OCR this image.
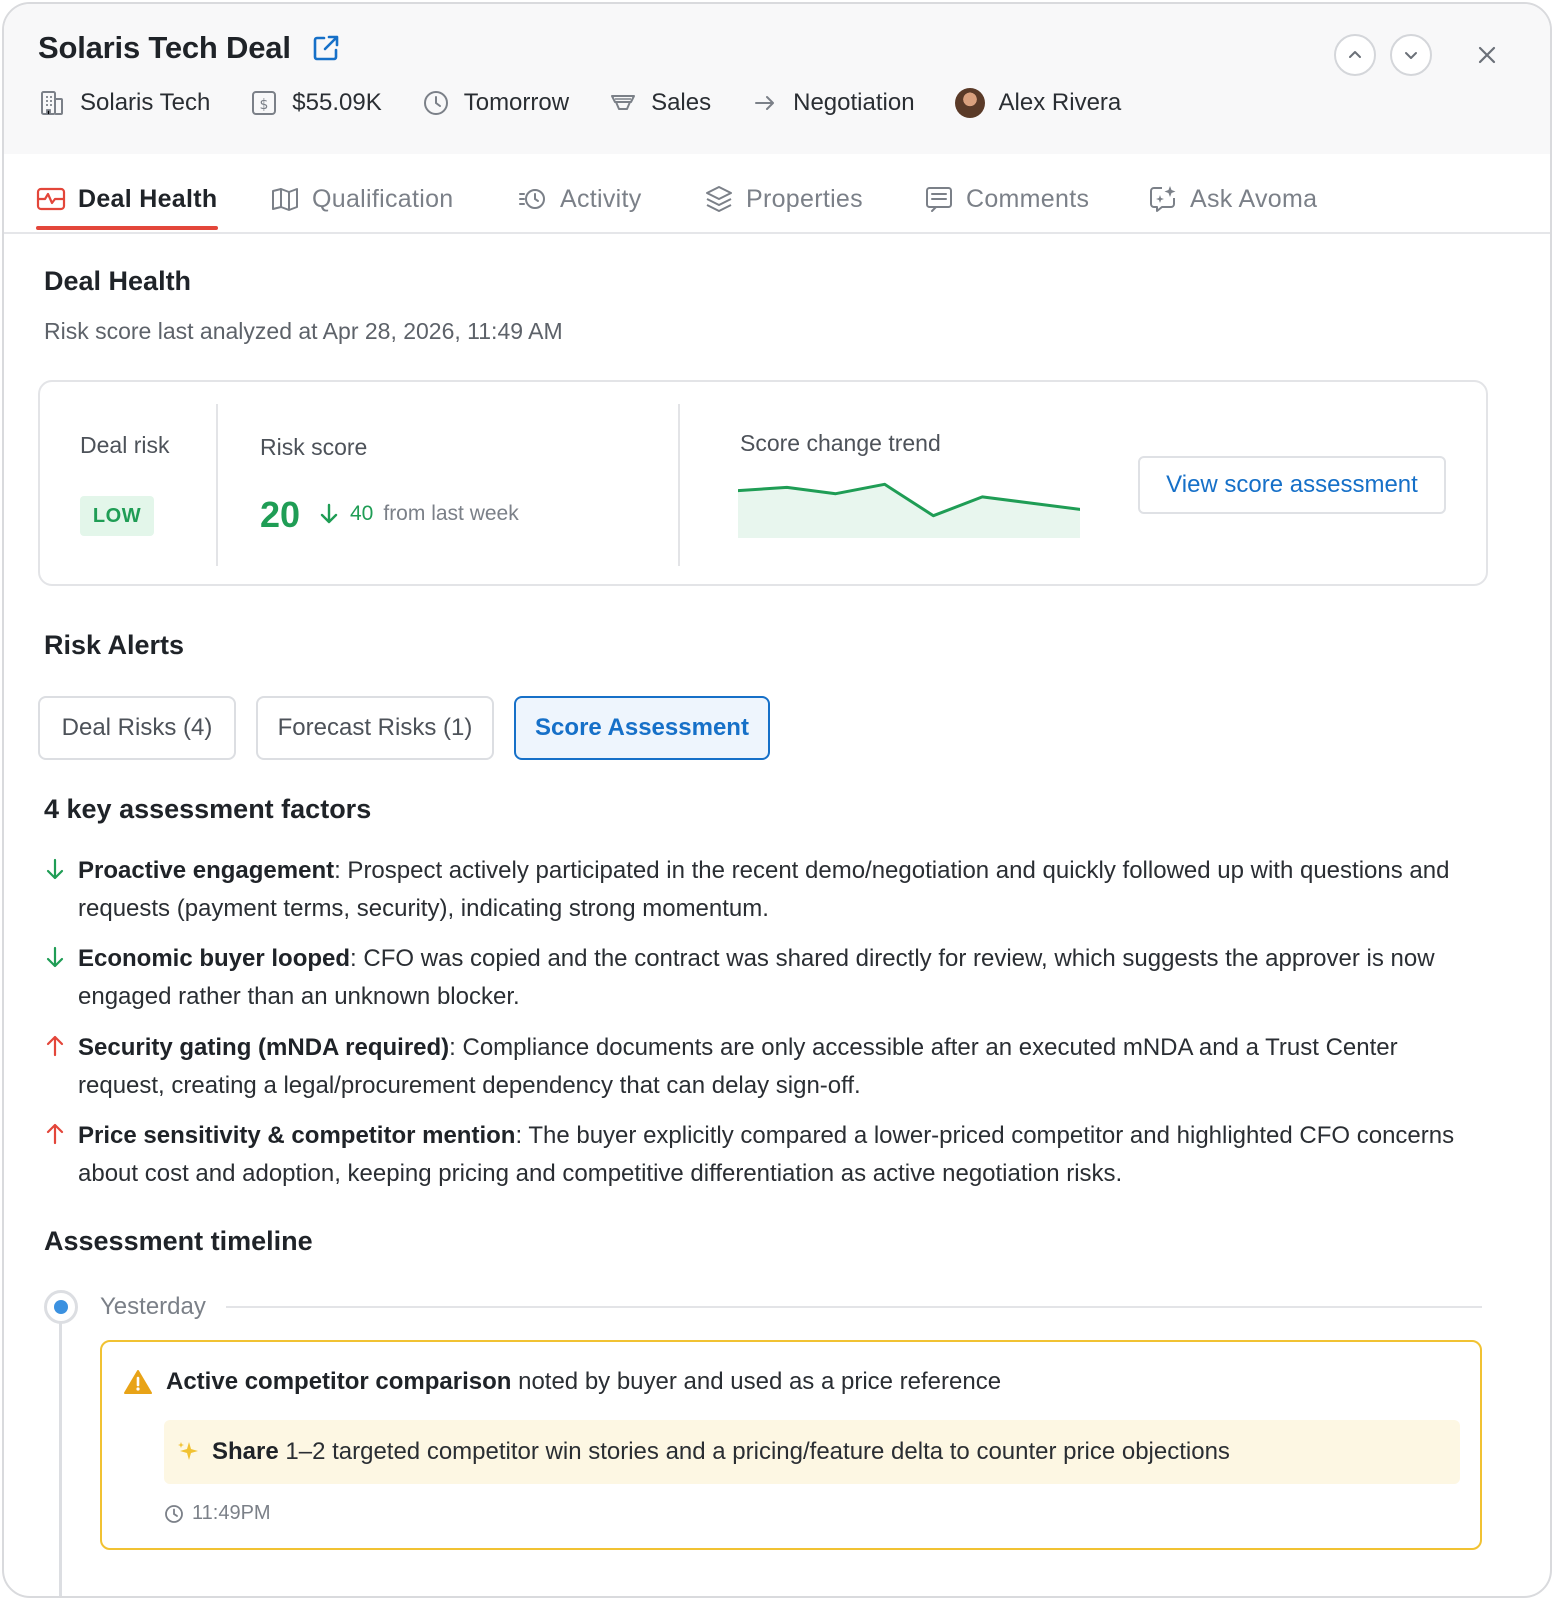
Solaris Tech Deal
Solaris Tech	$ $55.09K	Tomorrow	Sales	Negotiation	Alex Rivera
Deal Health	Qualification	Activity	Properties	Comments	Ask Avoma
Deal Health
Risk score last analyzed at Apr 28, 2026, 11:49 AM
Deal risk
LOW
Risk score
20 40 from last week
Score change trend
View score assessment
Risk Alerts
Deal Risks (4)	Forecast Risks (1)	Score Assessment
4 key assessment factors
Proactive engagement: Prospect actively participated in the recent demo/negotiation and quickly followed up with questions and requests (payment terms, security), indicating strong momentum.
Economic buyer looped: CFO was copied and the contract was shared directly for review, which suggests the approver is now engaged rather than an unknown blocker.
Security gating (mNDA required): Compliance documents are only accessible after an executed mNDA and a Trust Center request, creating a legal/procurement dependency that can delay sign-off.
Price sensitivity & competitor mention: The buyer explicitly compared a lower-priced competitor and highlighted CFO concerns about cost and adoption, keeping pricing and competitive differentiation as active negotiation risks.
Assessment timeline
Yesterday
Active competitor comparison noted by buyer and used as a price reference
Share 1–2 targeted competitor win stories and a pricing/feature delta to counter price objections
11:49PM
